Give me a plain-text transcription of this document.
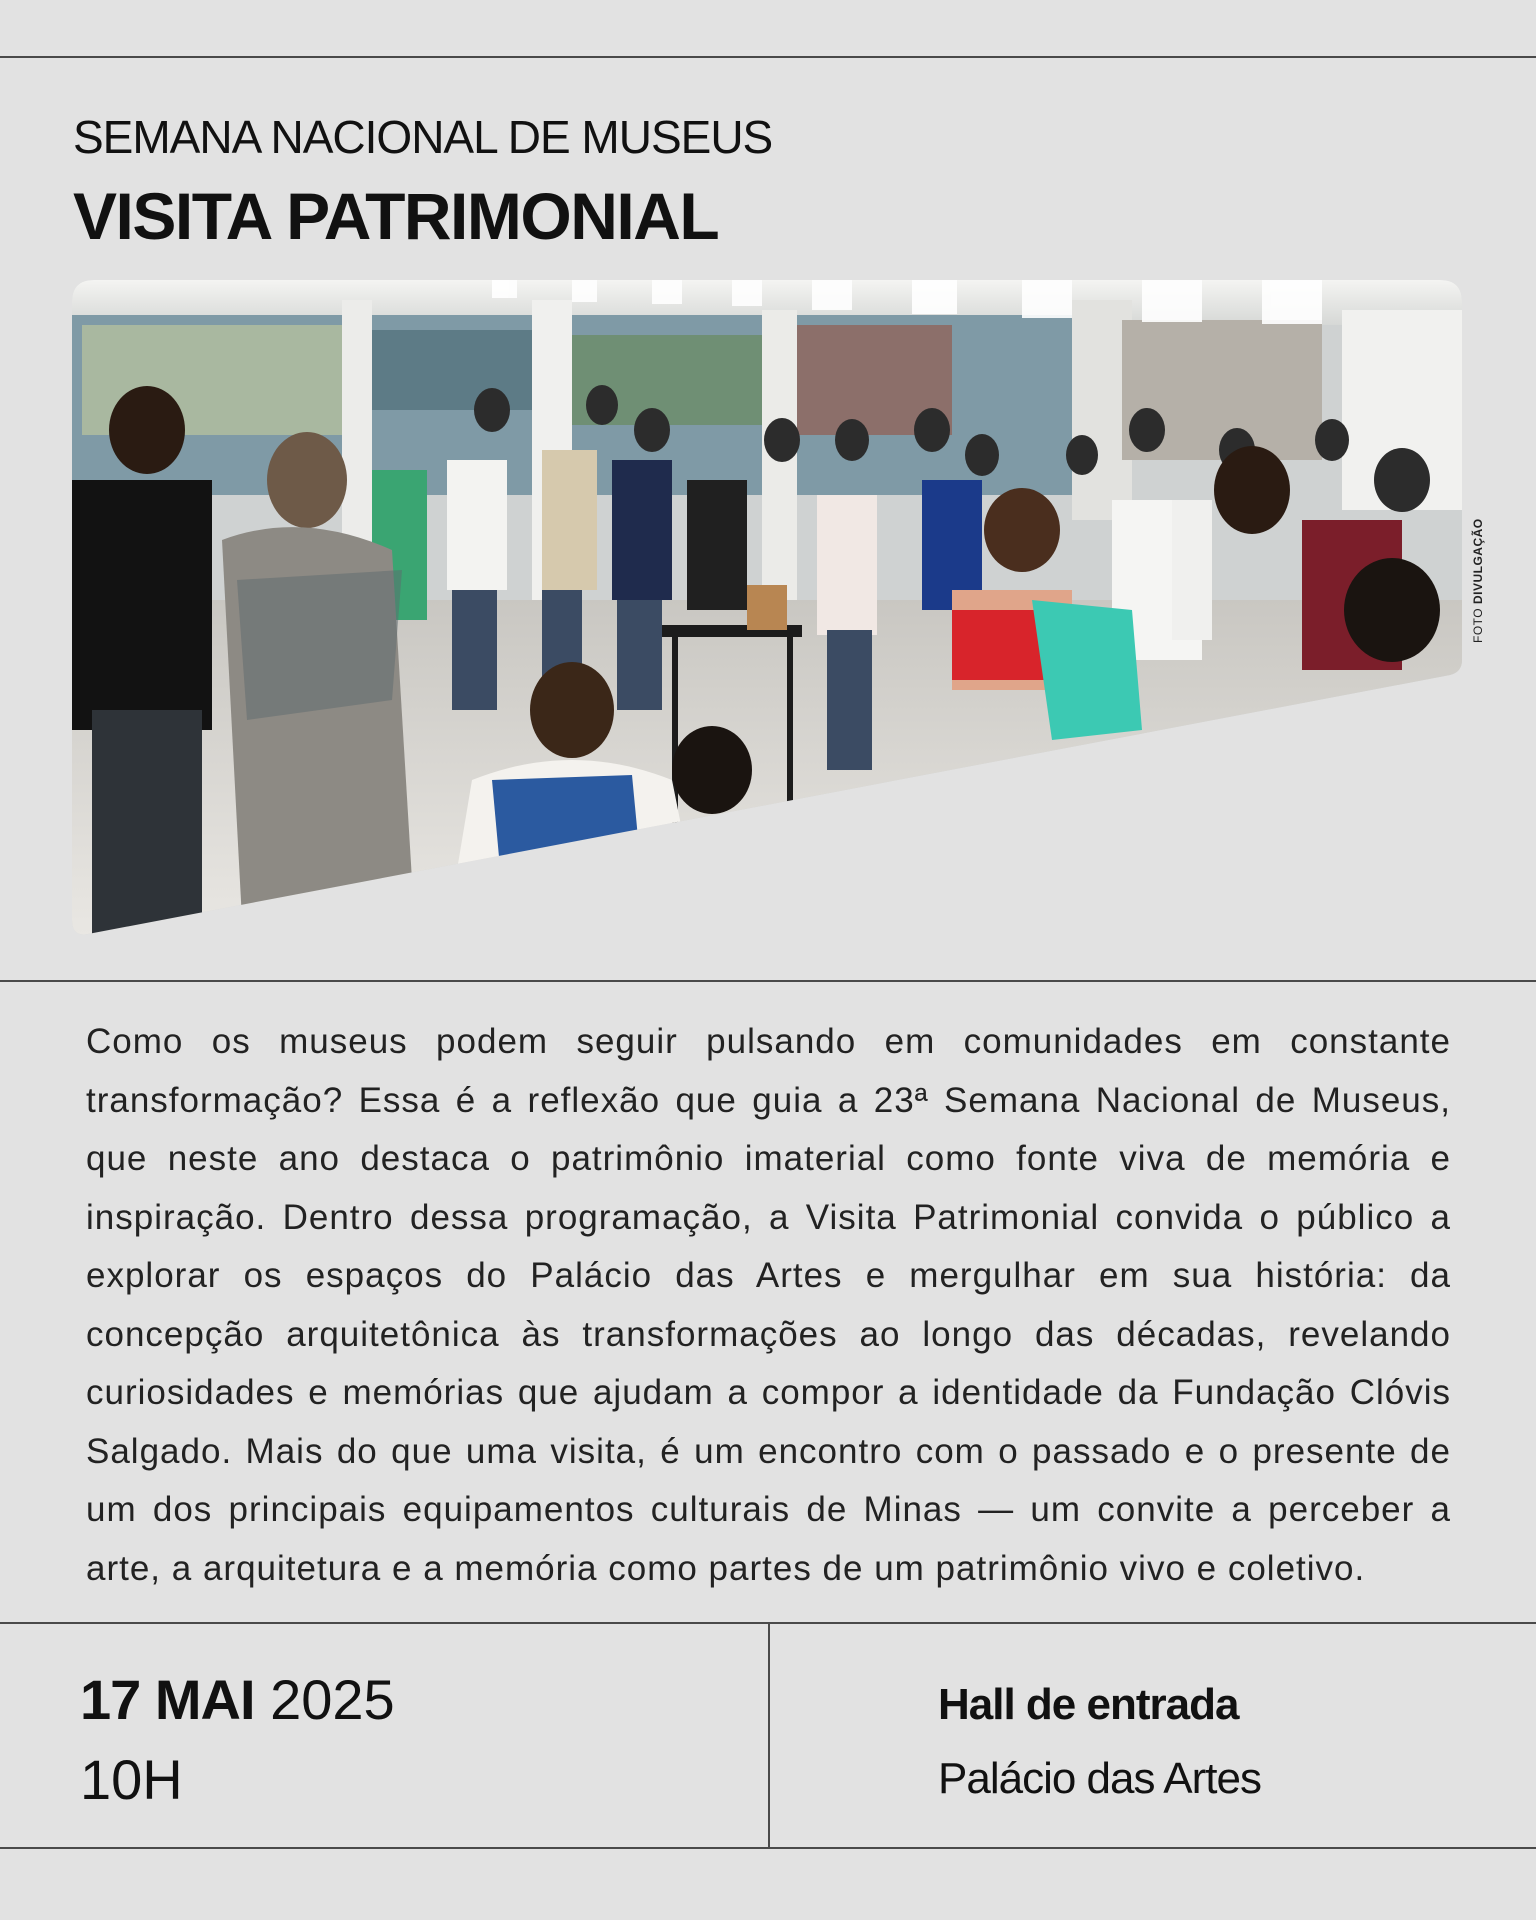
SEMANA NACIONAL DE MUSEUS
VISITA PATRIMONIAL
FOTO DIVULGAÇÃO

Como os museus podem seguir pulsando em comunidades em constante transformação? Essa é a reflexão que guia a 23ª Semana Nacional de Museus, que neste ano destaca o patrimônio imaterial como fonte viva de memória e inspiração. Dentro dessa programação, a Visita Patrimonial convida o público a explorar os espaços do Palácio das Artes e mergulhar em sua história: da concepção arquitetônica às transformações ao longo das décadas, revelando curiosidades e memórias que ajudam a compor a identidade da Fundação Clóvis Salgado. Mais do que uma visita, é um encontro com o passado e o presente de um dos principais equipamentos culturais de Minas — um convite a perceber a arte, a arquitetura e a memória como partes de um patrimônio vivo e coletivo.

17 MAI 2025
10H
Hall de entrada
Palácio das Artes
